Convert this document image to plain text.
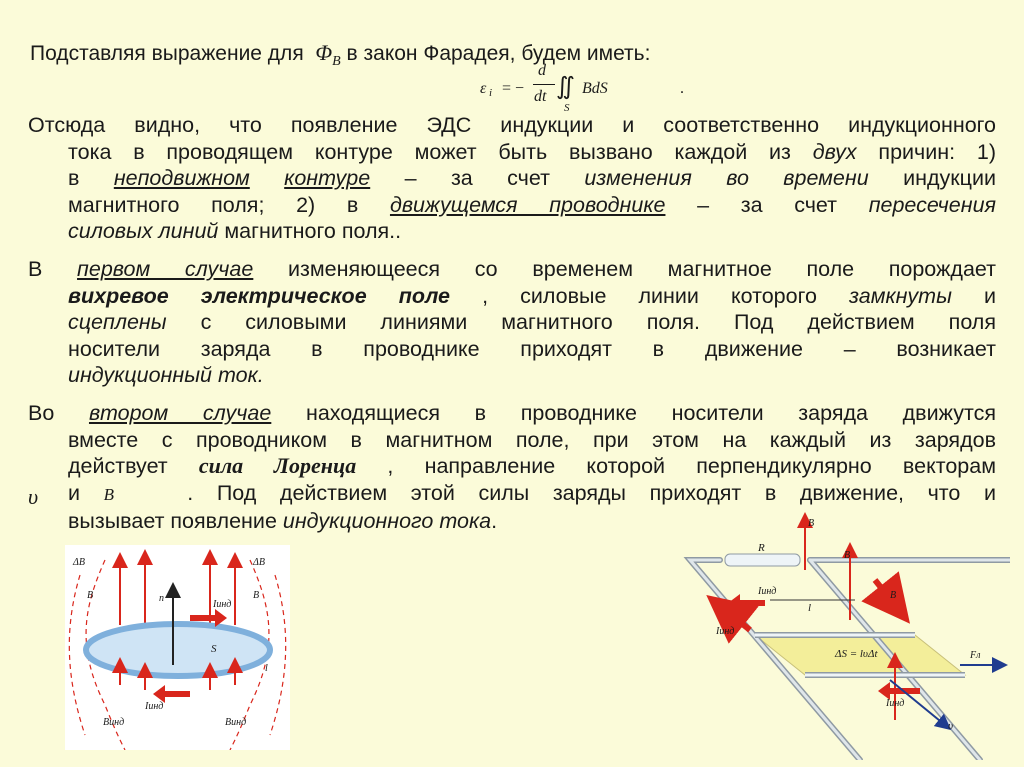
Подставляя выражение для $\Phi_B$ в закон Фарадея, будем иметь:
ε i = −
d
dt ∬ BdS
S
.
Отсюда видно, что появление ЭДС индукции и соответственно индукционного
тока в проводящем контуре может быть вызвано каждой из двух причин: 1)
в неподвижном контуре – за счет изменения во времени индукции
магнитного поля; 2) в движущемся проводнике – за счет пересечения
силовых линий магнитного поля..
В первом случае изменяющееся со временем магнитное поле порождает
вихревое электрическое поле , силовые линии которого замкнуты и
сцеплены с силовыми линиями магнитного поля. Под действием поля
носители заряда в проводнике приходят в движение – возникает
индукционный ток.
Во втором случае находящиеся в проводнике носители заряда движутся
вместе с проводником в магнитном поле, при этом на каждый из зарядов
действует сила Лоренца , направление которой перпендикулярно векторам
и B	. Под действием этой силы заряды приходят в движение, что и
вызывает появление индукционного тока.
υ
ΔB	ΔB
B	B
n
Iинд
S
l
Iинд
Bинд	Bинд
B
R
B
Iинд	B
l
Iинд
ΔS = lυΔt	Fл
Iинд
υ
